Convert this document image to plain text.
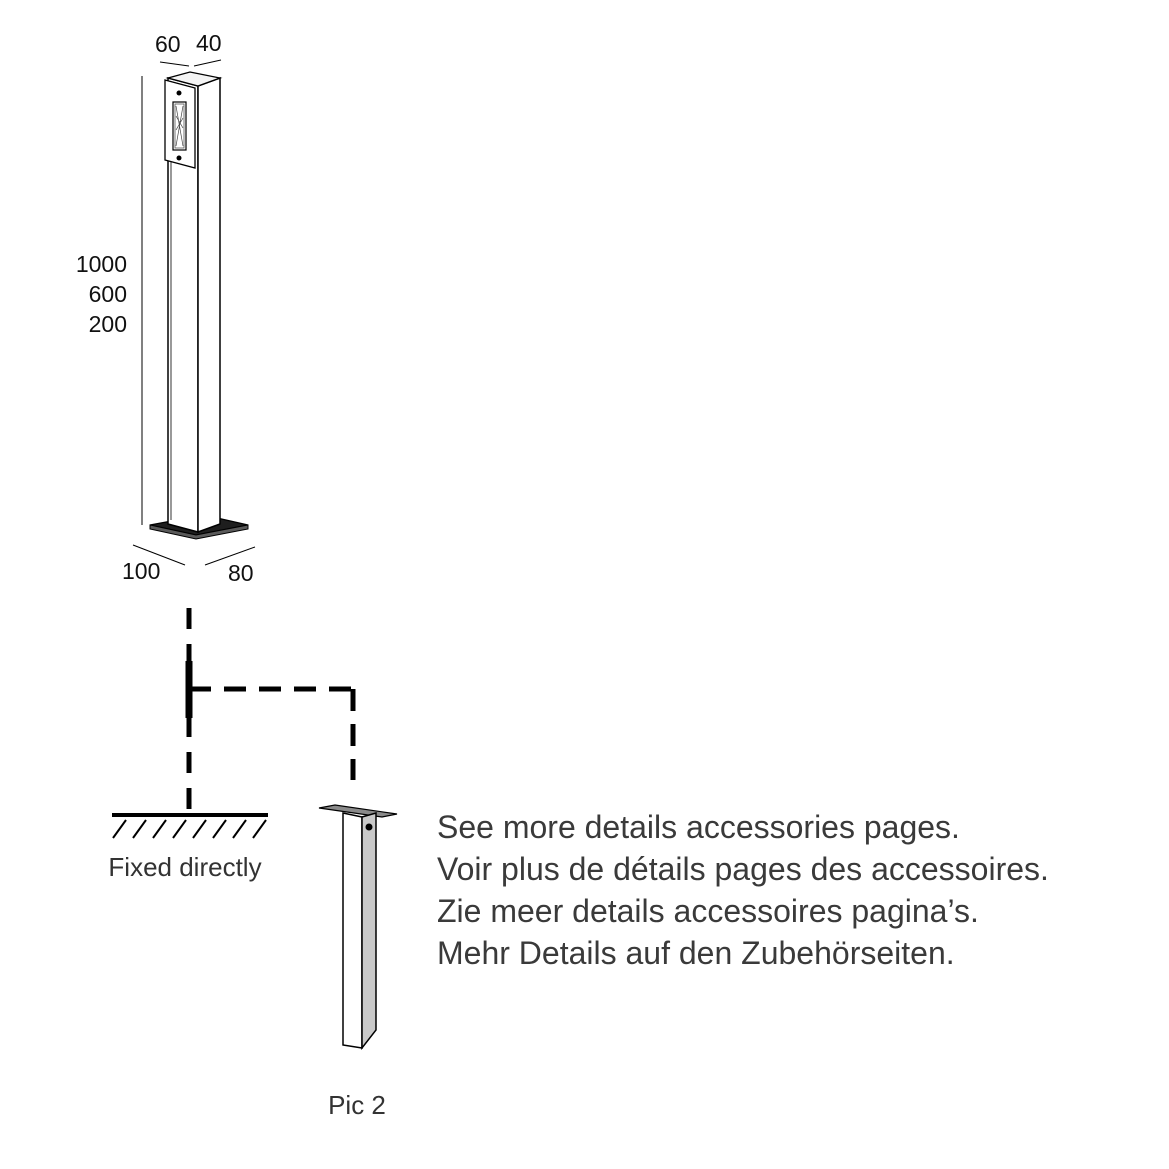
60 40
1000
600
200
100	80
Fixed directly
Pic 2
See more details accessories pages.
Voir plus de détails pages des accessoires.
Zie meer details accessoires pagina’s.
Mehr Details auf den Zubehörseiten.
